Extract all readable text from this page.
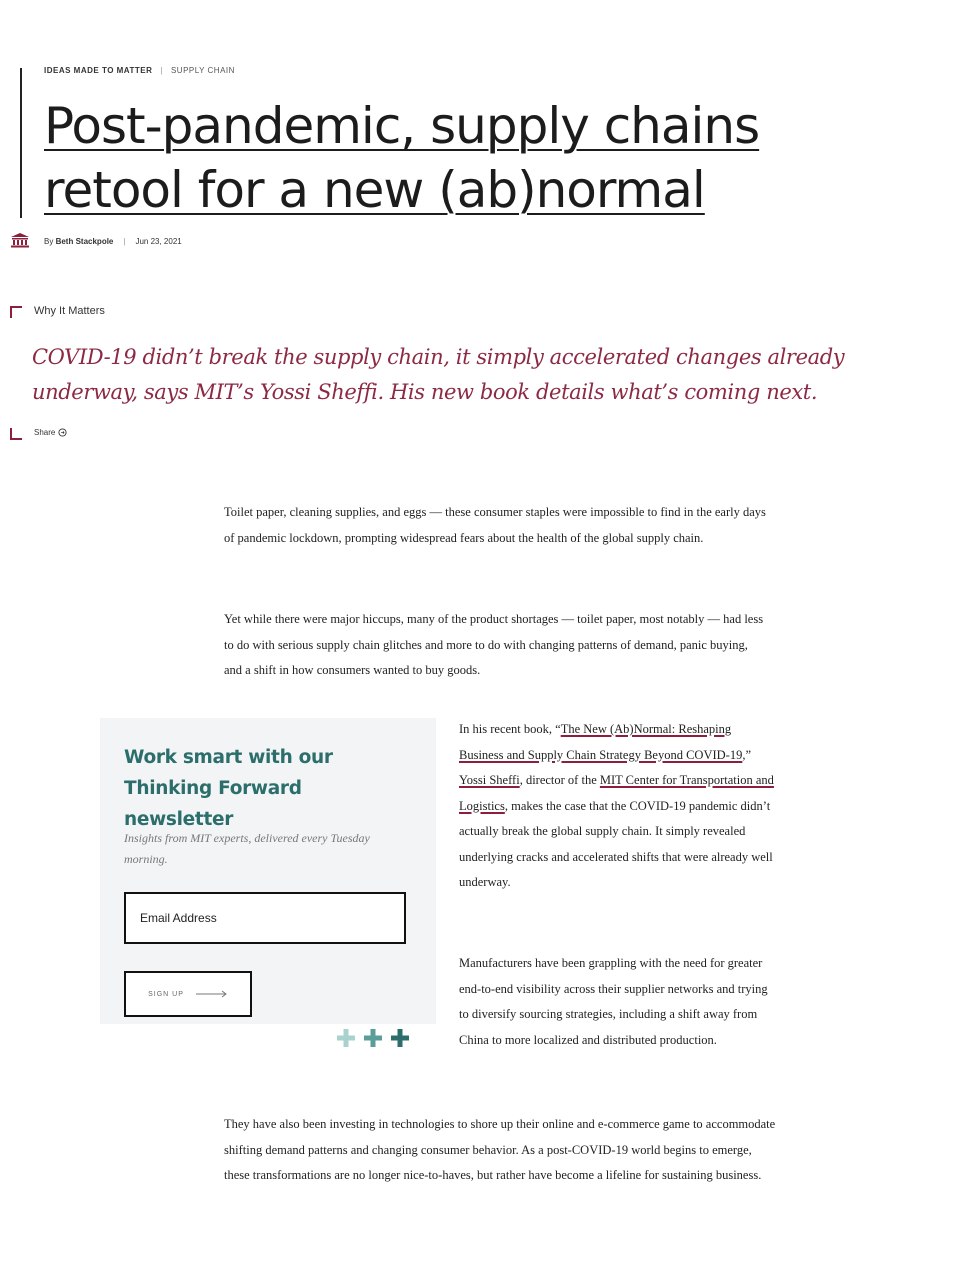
IDEAS MADE TO MATTER | SUPPLY CHAIN
Post-pandemic, supply chains retool for a new (ab)normal
By Beth Stackpole | Jun 23, 2021
Why It Matters

COVID-19 didn’t break the supply chain, it simply accelerated changes already underway, says MIT’s Yossi Sheffi. His new book details what’s coming next.

Share

Toilet paper, cleaning supplies, and eggs — these consumer staples were impossible to find in the early days of pandemic lockdown, prompting widespread fears about the health of the global supply chain.

Yet while there were major hiccups, many of the product shortages — toilet paper, most notably — had less to do with serious supply chain glitches and more to do with changing patterns of demand, panic buying, and a shift in how consumers wanted to buy goods.

Work smart with our Thinking Forward newsletter

Insights from MIT experts, delivered every Tuesday morning.

Email Address
SIGN UP

In his recent book, “The New (Ab)Normal: Reshaping Business and Supply Chain Strategy Beyond COVID-19,” Yossi Sheffi, director of the MIT Center for Transportation and Logistics, makes the case that the COVID-19 pandemic didn’t actually break the global supply chain. It simply revealed underlying cracks and accelerated shifts that were already well underway.

Manufacturers have been grappling with the need for greater end-to-end visibility across their supplier networks and trying to diversify sourcing strategies, including a shift away from China to more localized and distributed production.

They have also been investing in technologies to shore up their online and e-commerce game to accommodate shifting demand patterns and changing consumer behavior. As a post-COVID-19 world begins to emerge, these transformations are no longer nice-to-haves, but rather have become a lifeline for sustaining business.
